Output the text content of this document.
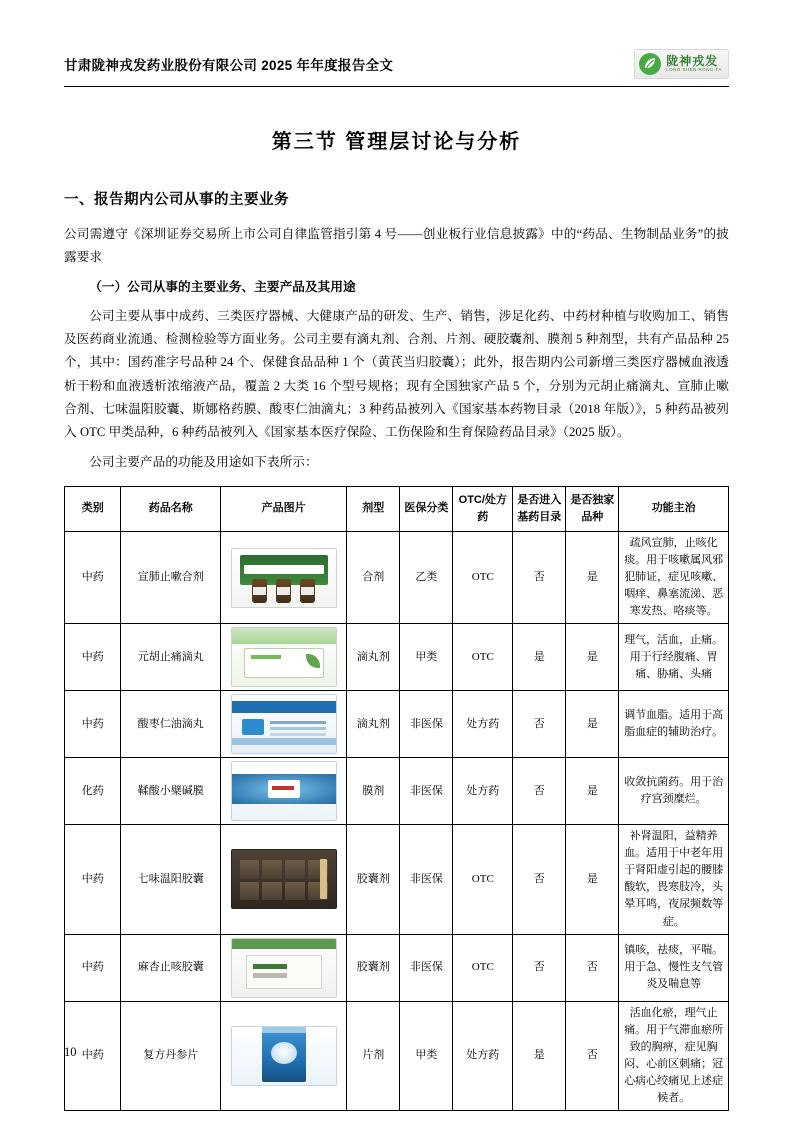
甘肃陇神戎发药业股份有限公司 2025 年年度报告全文	陇神戎发
LONG SHEN RONG FA
第三节 管理层讨论与分析
一、报告期内公司从事的主要业务

公司需遵守《深圳证券交易所上市公司自律监管指引第 4 号——创业板行业信息披露》中的“药品、生物制品业务”的披露要求

（一）公司从事的主要业务、主要产品及其用途

公司主要从事中成药、三类医疗器械、大健康产品的研发、生产、销售，涉足化药、中药材种植与收购加工、销售及医药商业流通、检测检验等方面业务。公司主要有滴丸剂、合剂、片剂、硬胶囊剂、膜剂 5 种剂型，共有产品品种 25 个，其中：国药准字号品种 24 个、保健食品品种 1 个（黄芪当归胶囊）；此外，报告期内公司新增三类医疗器械血液透析干粉和血液透析浓缩液产品，覆盖 2 大类 16 个型号规格；现有全国独家产品 5 个，分别为元胡止痛滴丸、宣肺止嗽合剂、七味温阳胶囊、斯娜格药膜、酸枣仁油滴丸；3 种药品被列入《国家基本药物目录（2018 年版）》，5 种药品被列入 OTC 甲类品种，6 种药品被列入《国家基本医疗保险、工伤保险和生育保险药品目录》（2025 版）。

公司主要产品的功能及用途如下表所示：

类别	药品名称	产品图片	剂型	医保分类	OTC/处方药	是否进入基药目录	是否独家品种	功能主治
中药	宣肺止嗽合剂		合剂	乙类	OTC	否	是	疏风宣肺，止咳化痰。用于咳嗽属风邪犯肺证，症见咳嗽、咽痒、鼻塞流涕、恶寒发热、咯痰等。
中药	元胡止痛滴丸		滴丸剂	甲类	OTC	是	是	理气，活血，止痛。用于行经腹痛、胃痛、胁痛、头痛
中药	酸枣仁油滴丸		滴丸剂	非医保	处方药	否	是	调节血脂。适用于高脂血症的辅助治疗。
化药	鞣酸小檗碱膜		膜剂	非医保	处方药	否	是	收敛抗菌药。用于治疗宫颈糜烂。
中药	七味温阳胶囊		胶囊剂	非医保	OTC	否	是	补肾温阳，益精养血。适用于中老年用于肾阳虚引起的腰膝酸软，畏寒肢冷，头晕耳鸣，夜尿频数等症。
中药	麻杏止咳胶囊		胶囊剂	非医保	OTC	否	否	镇咳，祛痰，平喘。用于急、慢性支气管炎及喘息等
中药	复方丹参片		片剂	甲类	处方药	是	否	活血化瘀，理气止痛。用于气滞血瘀所致的胸痹，症见胸闷、心前区刺痛；冠心病心绞痛见上述症候者。
10
